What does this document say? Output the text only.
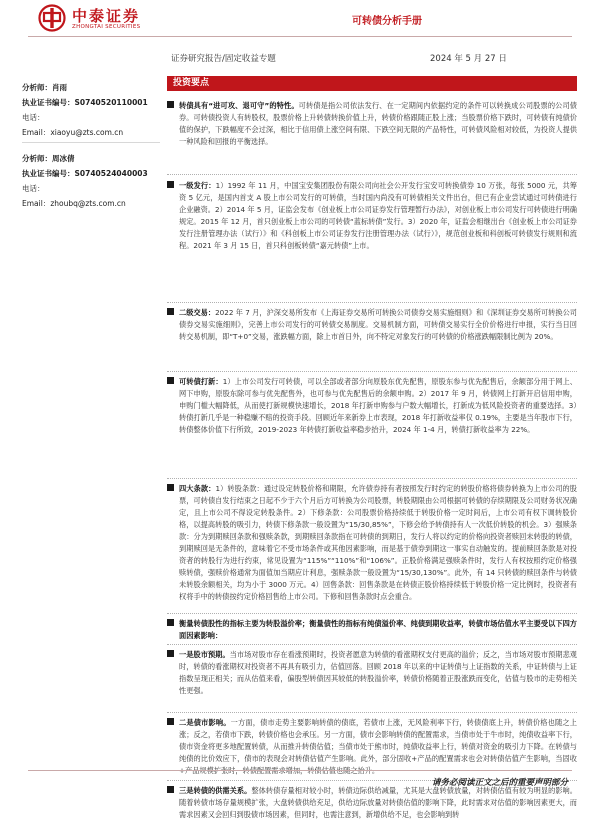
中泰证券
ZHONGTAI SECURITIES	可转债分析手册
证券研究报告/固定收益专题	2024 年 5 月 27 日
分析师：肖雨
执业证书编号：S0740520110001
电话：
Email：xiaoyu@zts.com.cn
分析师：周冰倩
执业证书编号：S0740524040003
电话：
Email：zhoubq@zts.com.cn
投资要点
转债具有“进可攻、退可守”的特性。可转债是指公司依法发行、在一定期间内依据约定的条件可以转换成公司股票的公司债券。可转债投资人有转股权，股票价格上升转债转换价值上升，转债价格跟随正股上涨；当股票价格下跌时，可转债有纯债价值的保护，下跌幅度不会过深，相比于信用债上涨空间有限、下跌空间无限的产品特性，可转债风险相对较低，为投资人提供一种风险和回报的平衡选择。
一级发行：1）1992 年 11 月，中国宝安集团股份有限公司向社会公开发行宝安可转换债券 10 万张，每张 5000 元，共筹资 5 亿元，是国内首支 A 股上市公司发行的可转债，当时国内尚没有可转债相关文件出台，但已有企业尝试通过可转债进行企业融资。2）2014 年 5 月，证监会发布《创业板上市公司证券发行管理暂行办法》，对创业板上市公司发行可转债进行明确规定。2015 年 12 月，首只创业板上市公司的可转债“蓝标转债”发行。3）2020 年，证监会相继出台《创业板上市公司证券发行注册管理办法（试行）》和《科创板上市公司证券发行注册管理办法（试行）》，规范创业板和科创板可转债发行规则和流程。2021 年 3 月 15 日，首只科创板转债“嘉元转债”上市。
二级交易：2022 年 7 月，沪深交易所发布《上海证券交易所可转换公司债券交易实施细则》和《深圳证券交易所可转换公司债券交易实施细则》，完善上市公司发行的可转债交易制度。交易机制方面，可转债交易实行全价价格进行申报，实行当日回转交易机制，即“T+0”交易，涨跌幅方面，除上市首日外，向不特定对象发行的可转债的价格涨跌幅限制比例为 20%。
可转债打新：1）上市公司发行可转债，可以全部或者部分向原股东优先配售，原股东参与优先配售后，余额部分用于网上、网下申购，原股东除可参与优先配售外，也可参与优先配售后的余额申购。2）2017 年 9 月，转债网上打新开启信用申购，申购门槛大幅降低，从而使打新规模快速增长，2018 年打新申购参与户数大幅增长，打新成为低风险投资者的重要选择。3）转债打新几乎是一种稳赚不赔的投资手段。回顾近年来新券上市表现，2018 年打新收益率仅 0.19%，主要是当年股市下行，转债整体价值下行所致，2019-2023 年转债打新收益率稳步抬升，2024 年 1-4 月，转债打新收益率为 22%。
四大条款：1）转股条款：通过设定转股价格和期限，允许债券持有者按照发行时约定的转股价格将债券转换为上市公司的股票，可转债自发行结束之日起不少于六个月后方可转换为公司股票，转股期限由公司根据可转债的存续期限及公司财务状况确定，且上市公司不得设定转股条件。2）下修条款：公司股票价格持续低于转股价格一定时间后，上市公司有权下调转股价格，以提高转股的吸引力，转债下修条款一般设置为“15/30,85%”，下修会给予转债持有人一次低价转股的机会。3）强赎条款：分为到期赎回条款和强赎条款，到期赎回条款指在可转债的到期日，发行人将以约定的价格向投资者赎回未转股的转债，到期赎回是无条件的，意味着它不受市场条件或其他因素影响，而是基于债券到期这一事实自动触发的。提前赎回条款是对投资者的转股行为进行约束，常见设置为“115%”“110%”和“106%”。正股价格满足强赎条件时，发行人有权按照约定价格强赎转债，强赎价格通常为面值加当期应计利息，强赎条款一般设置为“15/30,130%”。此外，有 14 只转债的赎回条件与转债未转股余额相关，均为小于 3000 万元。4）回售条款：回售条款是在转债正股价格持续低于转股价格一定比例时，投资者有权将手中的转债按约定价格回售给上市公司。下修和回售条款时点会重合。
衡量转债股性的指标主要为转股溢价率；衡量债性的指标有纯债溢价率、纯债到期收益率，转债市场估值水平主要受以下四方面因素影响：
一是股市预期。当市场对股市存在看涨预期时，投资者愿意为转债的看涨期权支付更高的溢价；反之，当市场对股市预期悲观时，转债的看涨期权对投资者不再具有吸引力，估值回落。回顾 2018 年以来的中证转债与上证指数的关系，中证转债与上证指数呈现正相关；而从估值来看，偏股型转债因其较低的转股溢价率，转债价格随着正股涨跌而变化，估值与股市的走势相关性更强。
二是债市影响。一方面，债市走势主要影响转债的债底，若债市上涨，无风险利率下行，转债债底上升，转债价格也随之上涨；反之，若债市下跌，转债价格也会承压。另一方面，债市会影响转债的配置需求，当债市处于牛市时，纯债收益率下行，债市资金将更多地配置转债，从而推升转债估值；当债市处于熊市时，纯债收益率上行，转债对资金的吸引力下降。在转债与纯债的比价效应下，债市的表现会对转债估值产生影响。此外，部分固收+产品的配置需求也会对转债估值产生影响，当固收+产品规模扩张时，转债配置需求增加，转债估值也随之抬升。
三是转债的供需关系。整体转债存量相对较小时，转债边际供给减量，尤其是大盘转债放量，对转债估值有较为明显的影响。随着转债市场存量规模扩张，大盘转债供给充足，供给边际放量对转债估值的影响下降，此时需求对估值的影响因素更大，而需求因素又会回归到股债市场因素，但同时，也需注意到，新增供给不足，也会影响到转
请务必阅读正文之后的重要声明部分
